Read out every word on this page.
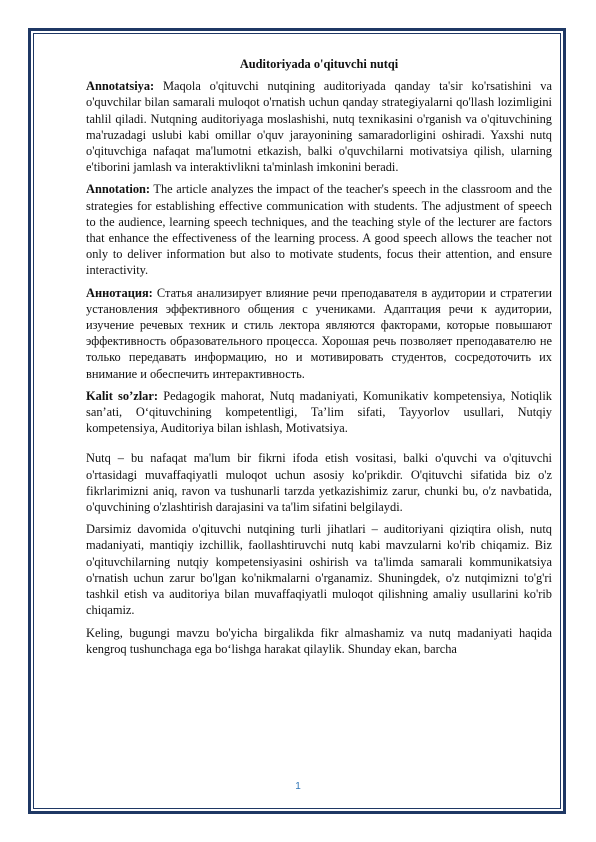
Auditoriyada o'qituvchi nutqi

Annotatsiya: Maqola o'qituvchi nutqining auditoriyada qanday ta'sir ko'rsatishini va o'quvchilar bilan samarali muloqot o'rnatish uchun qanday strategiyalarni qo'llash lozimligini tahlil qiladi. Nutqning auditoriyaga moslashishi, nutq texnikasini o'rganish va o'qituvchining ma'ruzadagi uslubi kabi omillar o'quv jarayonining samaradorligini oshiradi. Yaxshi nutq o'qituvchiga nafaqat ma'lumotni etkazish, balki o'quvchilarni motivatsiya qilish, ularning e'tiborini jamlash va interaktivlikni ta'minlash imkonini beradi.

Annotation: The article analyzes the impact of the teacher's speech in the classroom and the strategies for establishing effective communication with students. The adjustment of speech to the audience, learning speech techniques, and the teaching style of the lecturer are factors that enhance the effectiveness of the learning process. A good speech allows the teacher not only to deliver information but also to motivate students, focus their attention, and ensure interactivity.

Аннотация: Статья анализирует влияние речи преподавателя в аудитории и стратегии установления эффективного общения с учениками. Адаптация речи к аудитории, изучение речевых техник и стиль лектора являются факторами, которые повышают эффективность образовательного процесса. Хорошая речь позволяет преподавателю не только передавать информацию, но и мотивировать студентов, сосредоточить их внимание и обеспечить интерактивность.

Kalit so’zlar: Pedagogik mahorat, Nutq madaniyati, Komunikativ kompetensiya, Notiqlik san’ati, O‘qituvchining kompetentligi, Ta’lim sifati, Tayyorlov usullari, Nutqiy kompetensiya, Auditoriya bilan ishlash, Motivatsiya.

Nutq – bu nafaqat ma'lum bir fikrni ifoda etish vositasi, balki o'quvchi va o'qituvchi o'rtasidagi muvaffaqiyatli muloqot uchun asosiy ko'prikdir. O'qituvchi sifatida biz o'z fikrlarimizni aniq, ravon va tushunarli tarzda yetkazishimiz zarur, chunki bu, o'z navbatida, o'quvchining o'zlashtirish darajasini va ta'lim sifatini belgilaydi.

Darsimiz davomida o'qituvchi nutqining turli jihatlari – auditoriyani qiziqtira olish, nutq madaniyati, mantiqiy izchillik, faollashtiruvchi nutq kabi mavzularni ko'rib chiqamiz. Biz o'qituvchilarning nutqiy kompetensiyasini oshirish va ta'limda samarali kommunikatsiya o'rnatish uchun zarur bo'lgan ko'nikmalarni o'rganamiz. Shuningdek, o'z nutqimizni to'g'ri tashkil etish va auditoriya bilan muvaffaqiyatli muloqot qilishning amaliy usullarini ko'rib chiqamiz.

Keling, bugungi mavzu bo'yicha birgalikda fikr almashamiz va nutq madaniyati haqida kengroq tushunchaga ega bo‘lishga harakat qilaylik. Shunday ekan, barcha

1
